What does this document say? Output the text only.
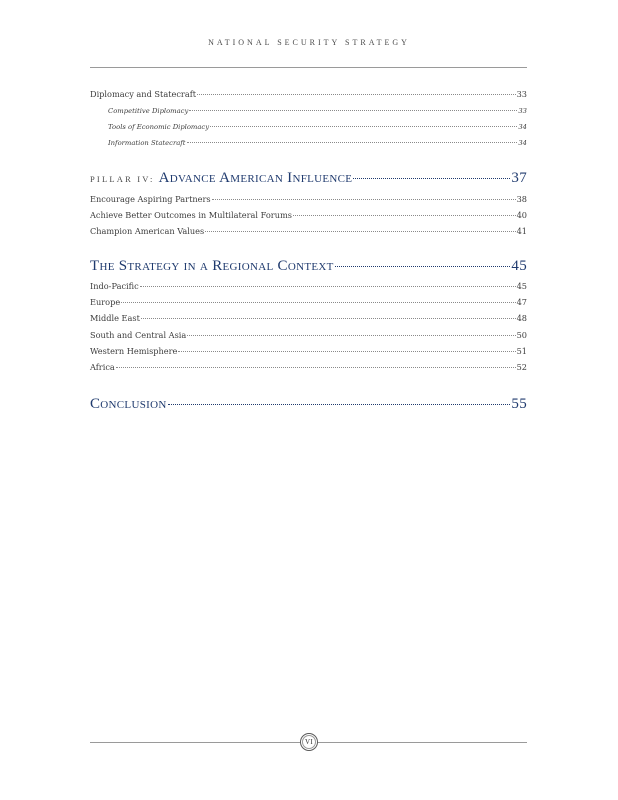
NATIONAL SECURITY STRATEGY
Diplomacy and Statecraft	33
Competitive Diplomacy	33
Tools of Economic Diplomacy	34
Information Statecraft	34
PILLAR IV: Advance American Influence	37
Encourage Aspiring Partners	38
Achieve Better Outcomes in Multilateral Forums	40
Champion American Values	41
The Strategy in a Regional Context	45
Indo-Pacific	45
Europe	47
Middle East	48
South and Central Asia	50
Western Hemisphere	51
Africa	52
Conclusion	55
VI
